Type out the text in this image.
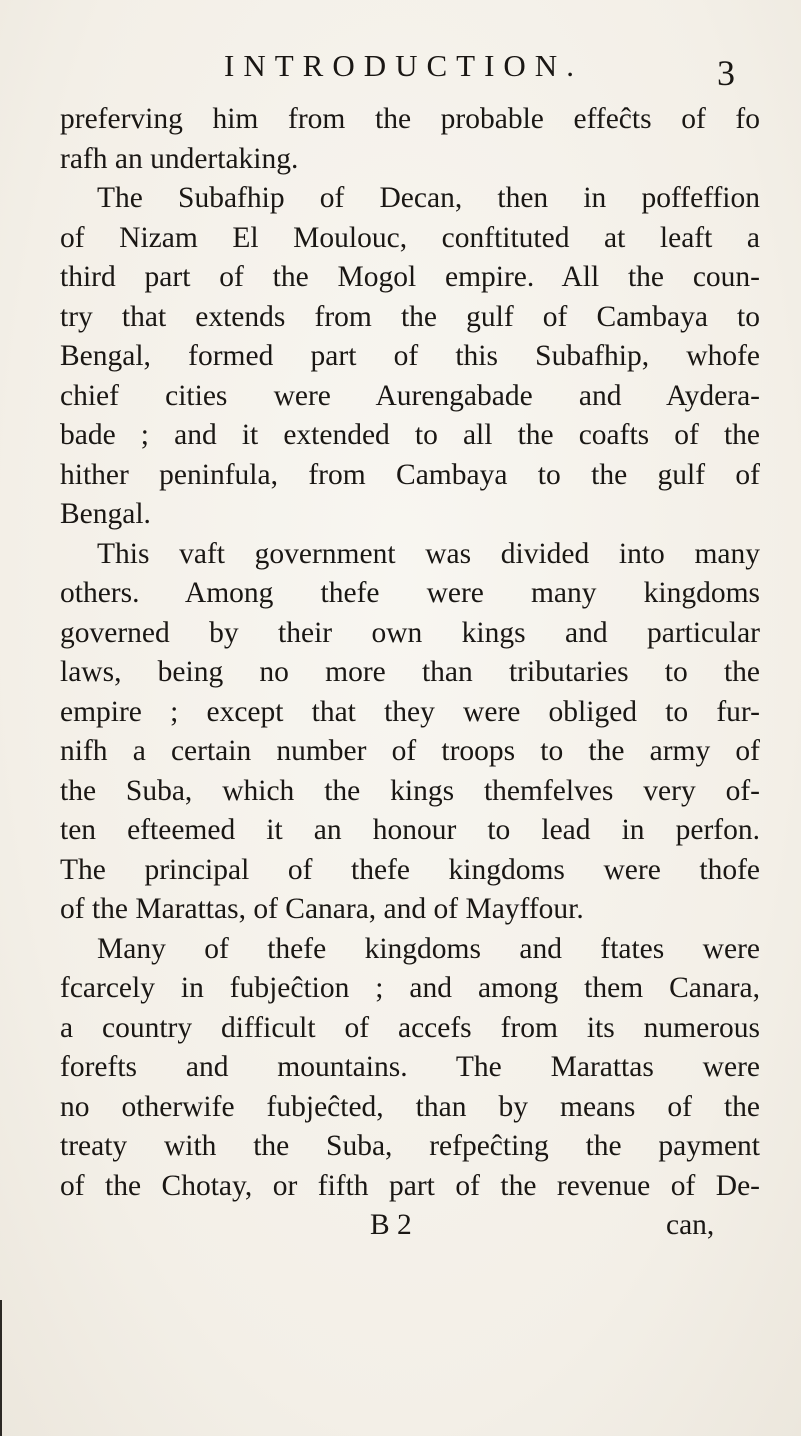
INTRODUCTION.	3
preferving him from the probable effeĉts of fo
rafh an undertaking.
The Subafhip of Decan, then in poffeffion
of Nizam El Moulouc, conftituted at leaft a
third part of the Mogol empire. All the coun-
try that extends from the gulf of Cambaya to
Bengal, formed part of this Subafhip, whofe
chief cities were Aurengabade and Aydera-
bade ; and it extended to all the coafts of the
hither peninfula, from Cambaya to the gulf of
Bengal.
This vaft government was divided into many
others. Among thefe were many kingdoms
governed by their own kings and particular
laws, being no more than tributaries to the
empire ; except that they were obliged to fur-
nifh a certain number of troops to the army of
the Suba, which the kings themfelves very of-
ten efteemed it an honour to lead in perfon.
The principal of thefe kingdoms were thofe
of the Marattas, of Canara, and of Mayffour.
Many of thefe kingdoms and ftates were
fcarcely in fubjeĉtion ; and among them Canara,
a country difficult of accefs from its numerous
forefts and mountains. The Marattas were
no otherwife fubjeĉted, than by means of the
treaty with the Suba, refpeĉting the payment
of the Chotay, or fifth part of the revenue of De-
B 2	can,
